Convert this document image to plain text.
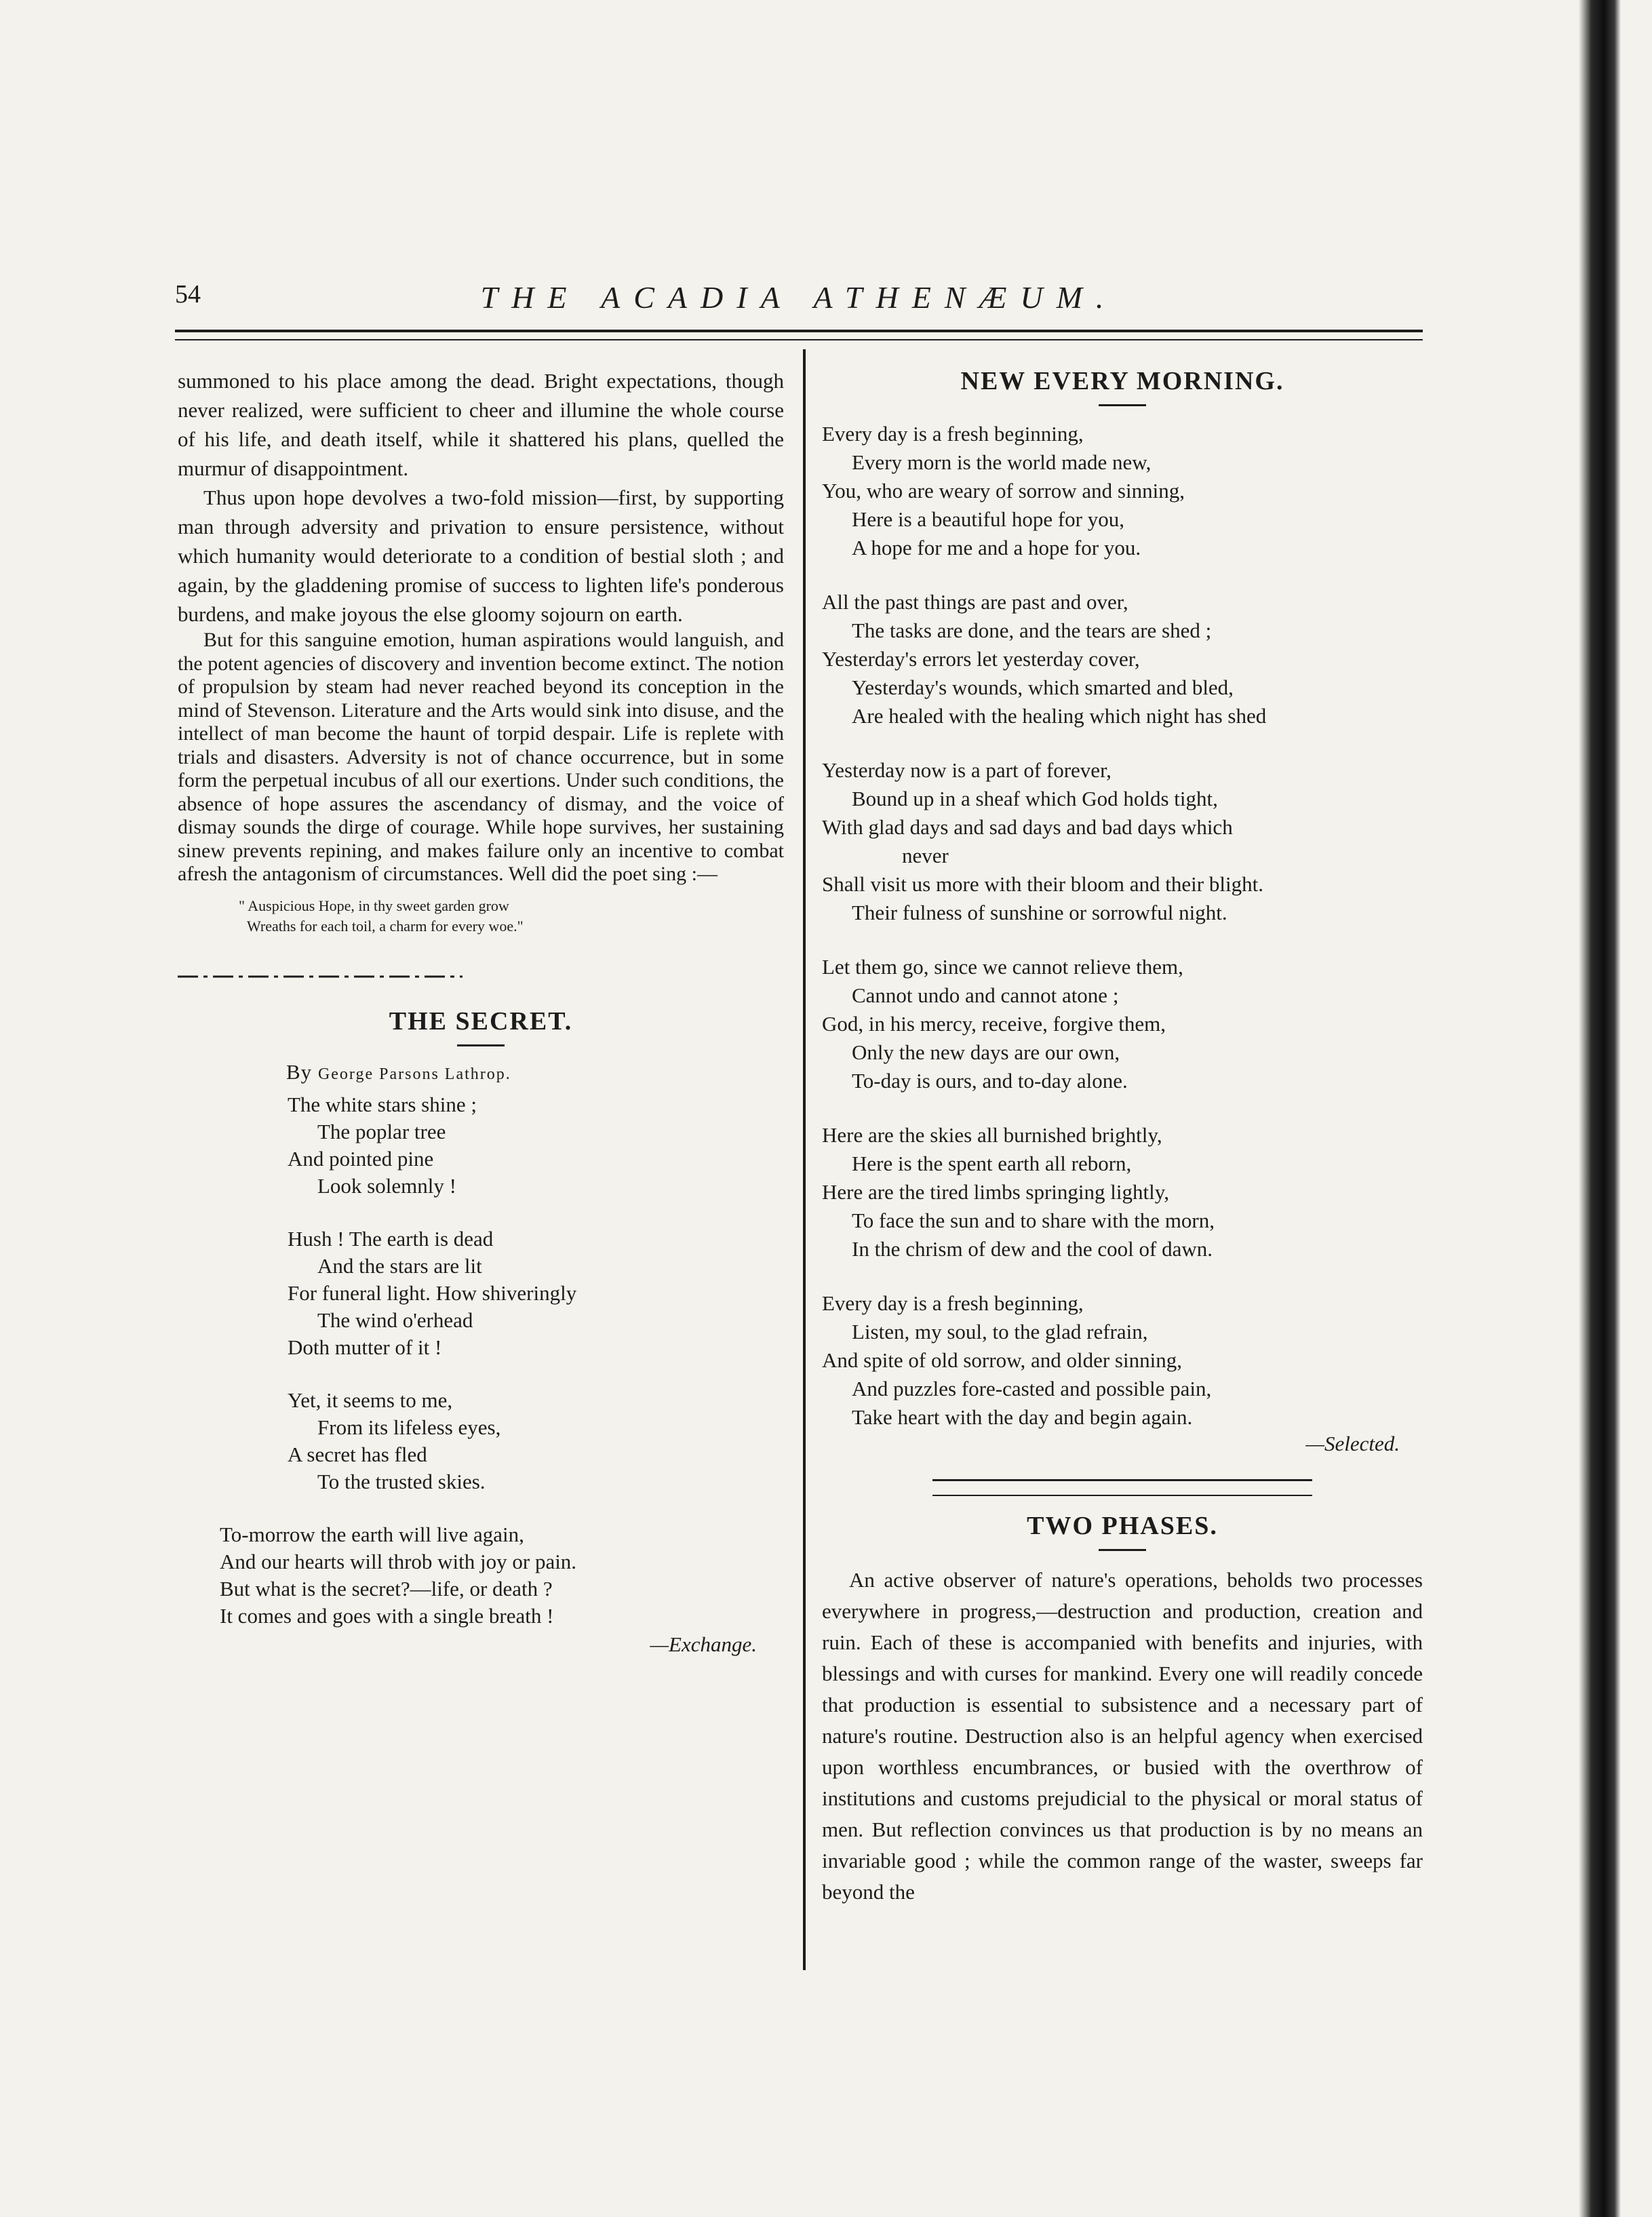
54	THE ACADIA ATHENÆUM.

summoned to his place among the dead. Bright expectations, though never realized, were sufficient to cheer and illumine the whole course of his life, and death itself, while it shattered his plans, quelled the murmur of disappointment.

Thus upon hope devolves a two-fold mission—first, by supporting man through adversity and privation to ensure persistence, without which humanity would deteriorate to a condition of bestial sloth ; and again, by the gladdening promise of success to lighten life's ponderous burdens, and make joyous the else gloomy sojourn on earth.

But for this sanguine emotion, human aspirations would languish, and the potent agencies of discovery and invention become extinct. The notion of propulsion by steam had never reached beyond its conception in the mind of Stevenson. Literature and the Arts would sink into disuse, and the intellect of man become the haunt of torpid despair. Life is replete with trials and disasters. Adversity is not of chance occurrence, but in some form the perpetual incubus of all our exertions. Under such conditions, the absence of hope assures the ascendancy of dismay, and the voice of dismay sounds the dirge of courage. While hope survives, her sustaining sinew prevents repining, and makes failure only an incentive to combat afresh the antagonism of circumstances. Well did the poet sing :—

" Auspicious Hope, in thy sweet garden grow
Wreaths for each toil, a charm for every woe."
THE SECRET.

By George Parsons Lathrop.

The white stars shine ;
The poplar tree
And pointed pine
Look solemnly !
Hush ! The earth is dead
And the stars are lit
For funeral light. How shiveringly
The wind o'erhead
Doth mutter of it !
Yet, it seems to me,
From its lifeless eyes,
A secret has fled
To the trusted skies.
To-morrow the earth will live again,
And our hearts will throb with joy or pain.
But what is the secret?—life, or death ?
It comes and goes with a single breath !
—Exchange.
NEW EVERY MORNING.
Every day is a fresh beginning,
Every morn is the world made new,
You, who are weary of sorrow and sinning,
Here is a beautiful hope for you,
A hope for me and a hope for you.
All the past things are past and over,
The tasks are done, and the tears are shed ;
Yesterday's errors let yesterday cover,
Yesterday's wounds, which smarted and bled,
Are healed with the healing which night has shed
Yesterday now is a part of forever,
Bound up in a sheaf which God holds tight,
With glad days and sad days and bad days which
never
Shall visit us more with their bloom and their blight.
Their fulness of sunshine or sorrowful night.
Let them go, since we cannot relieve them,
Cannot undo and cannot atone ;
God, in his mercy, receive, forgive them,
Only the new days are our own,
To-day is ours, and to-day alone.
Here are the skies all burnished brightly,
Here is the spent earth all reborn,
Here are the tired limbs springing lightly,
To face the sun and to share with the morn,
In the chrism of dew and the cool of dawn.
Every day is a fresh beginning,
Listen, my soul, to the glad refrain,
And spite of old sorrow, and older sinning,
And puzzles fore-casted and possible pain,
Take heart with the day and begin again.
—Selected.
TWO PHASES.

An active observer of nature's operations, beholds two processes everywhere in progress,—destruction and production, creation and ruin. Each of these is accompanied with benefits and injuries, with blessings and with curses for mankind. Every one will readily concede that production is essential to subsistence and a necessary part of nature's routine. Destruction also is an helpful agency when exercised upon worthless encumbrances, or busied with the overthrow of institutions and customs prejudicial to the physical or moral status of men. But reflection convinces us that production is by no means an invariable good ; while the common range of the waster, sweeps far beyond the
